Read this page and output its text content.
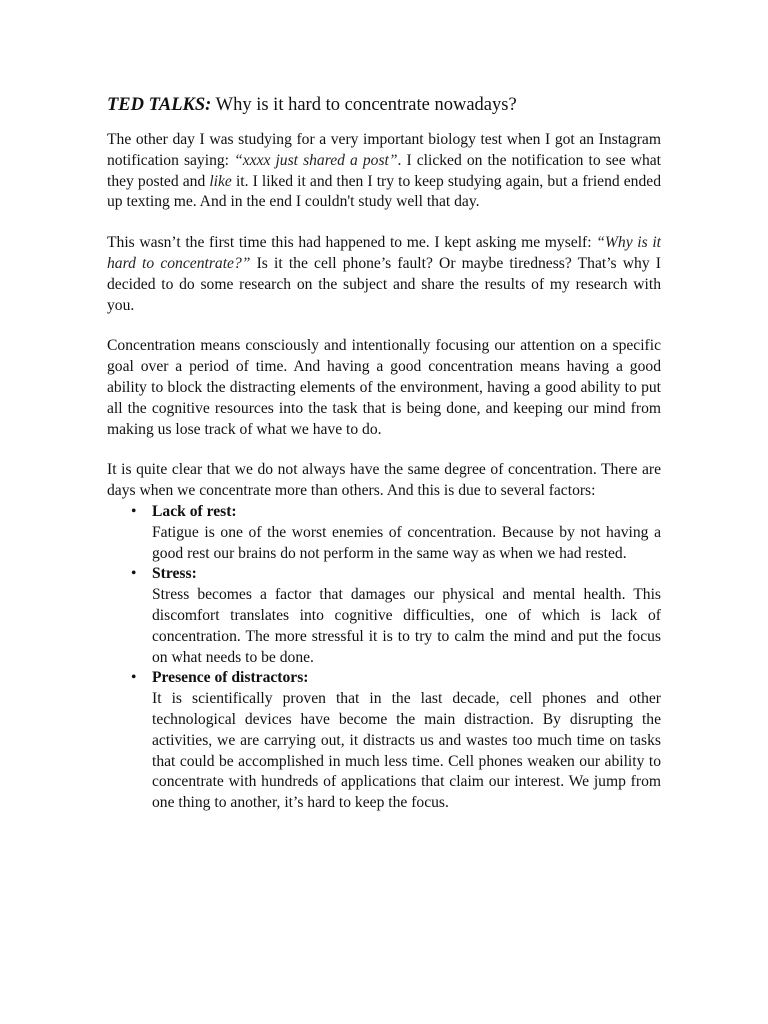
TED TALKS: Why is it hard to concentrate nowadays?

The other day I was studying for a very important biology test when I got an Instagram notification saying: “xxxx just shared a post”. I clicked on the notification to see what they posted and like it. I liked it and then I try to keep studying again, but a friend ended up texting me. And in the end I couldn't study well that day.

This wasn’t the first time this had happened to me. I kept asking me myself: “Why is it hard to concentrate?” Is it the cell phone’s fault? Or maybe tiredness? That’s why I decided to do some research on the subject and share the results of my research with you.

Concentration means consciously and intentionally focusing our attention on a specific goal over a period of time. And having a good concentration means having a good ability to block the distracting elements of the environment, having a good ability to put all the cognitive resources into the task that is being done, and keeping our mind from making us lose track of what we have to do.

It is quite clear that we do not always have the same degree of concentration. There are days when we concentrate more than others. And this is due to several factors:

• Lack of rest:
Fatigue is one of the worst enemies of concentration. Because by not having a good rest our brains do not perform in the same way as when we had rested.
• Stress:
Stress becomes a factor that damages our physical and mental health. This discomfort translates into cognitive difficulties, one of which is lack of concentration. The more stressful it is to try to calm the mind and put the focus on what needs to be done.
• Presence of distractors:
It is scientifically proven that in the last decade, cell phones and other technological devices have become the main distraction. By disrupting the activities, we are carrying out, it distracts us and wastes too much time on tasks that could be accomplished in much less time. Cell phones weaken our ability to concentrate with hundreds of applications that claim our interest. We jump from one thing to another, it’s hard to keep the focus.
